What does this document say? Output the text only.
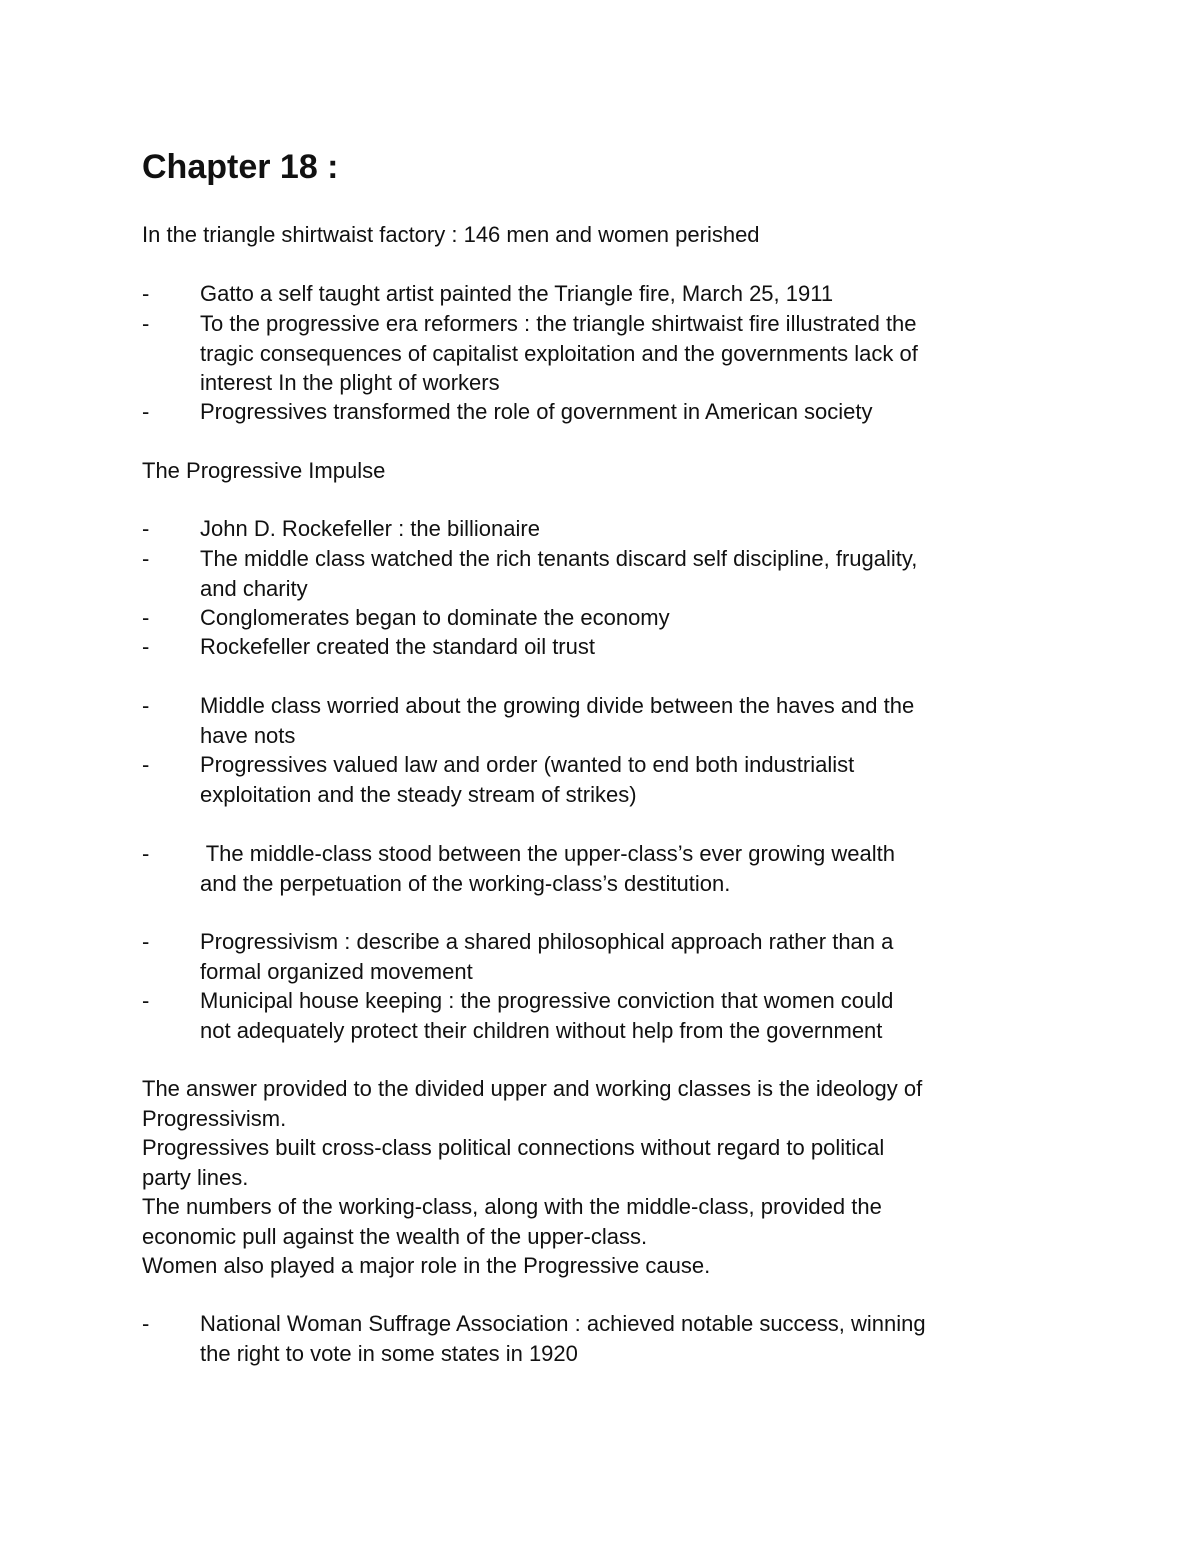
Chapter 18 :

In the triangle shirtwaist factory : 146 men and women perished

-	Gatto a self taught artist painted the Triangle fire, March 25, 1911
-	To the progressive era reformers : the triangle shirtwaist fire illustrated the
tragic consequences of capitalist exploitation and the governments lack of
interest In the plight of workers
-	Progressives transformed the role of government in American society

The Progressive Impulse

-	John D. Rockefeller : the billionaire
-	The middle class watched the rich tenants discard self discipline, frugality,
and charity
-	Conglomerates began to dominate the economy
-	Rockefeller created the standard oil trust
-	Middle class worried about the growing divide between the haves and the
have nots
-	Progressives valued law and order (wanted to end both industrialist
exploitation and the steady stream of strikes)
-	The middle-class stood between the upper-class’s ever growing wealth
and the perpetuation of the working-class’s destitution.
-	Progressivism : describe a shared philosophical approach rather than a
formal organized movement
-	Municipal house keeping : the progressive conviction that women could
not adequately protect their children without help from the government
The answer provided to the divided upper and working classes is the ideology of
Progressivism.
Progressives built cross-class political connections without regard to political
party lines.
The numbers of the working-class, along with the middle-class, provided the
economic pull against the wealth of the upper-class.
Women also played a major role in the Progressive cause.
-	National Woman Suffrage Association : achieved notable success, winning
the right to vote in some states in 1920
